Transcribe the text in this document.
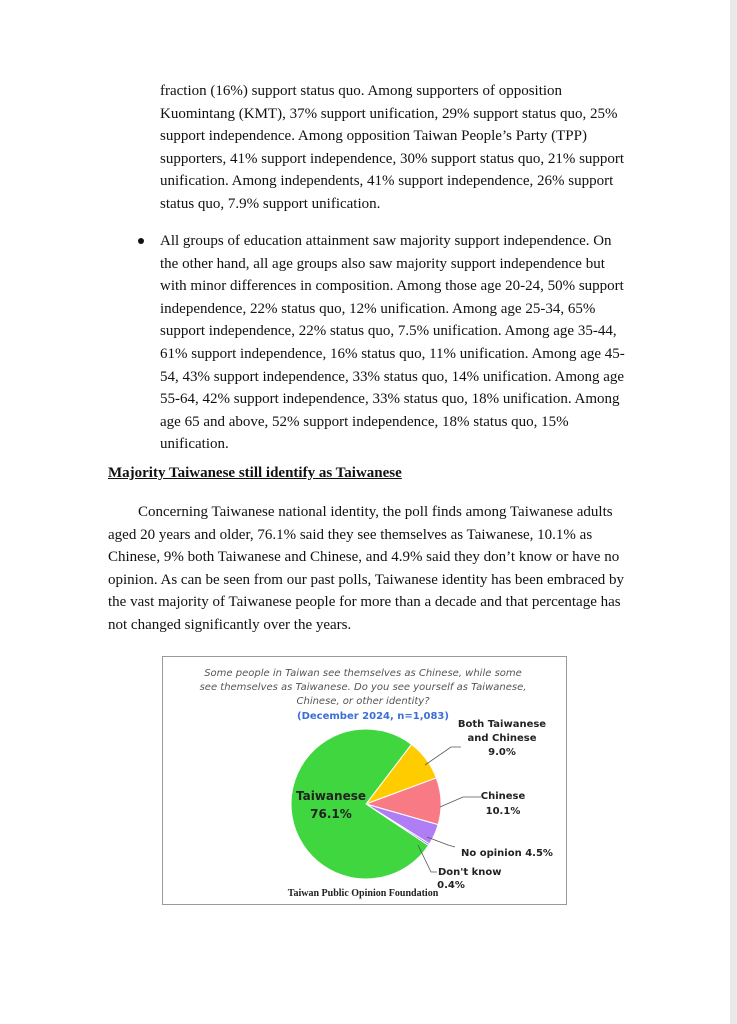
fraction (16%) support status quo. Among supporters of opposition Kuomintang (KMT), 37% support unification, 29% support status quo, 25% support independence. Among opposition Taiwan People’s Party (TPP) supporters, 41% support independence, 30% support status quo, 21% support unification. Among independents, 41% support independence, 26% support status quo, 7.9% support unification.

All groups of education attainment saw majority support independence. On the other hand, all age groups also saw majority support independence but with minor differences in composition. Among those age 20-24, 50% support independence, 22% status quo, 12% unification. Among age 25-34, 65% support independence, 22% status quo, 7.5% unification. Among age 35-44, 61% support independence, 16% status quo, 11% unification. Among age 45-54, 43% support independence, 33% status quo, 14% unification. Among age 55-64, 42% support independence, 33% status quo, 18% unification. Among age 65 and above, 52% support independence, 18% status quo, 15% unification.

Majority Taiwanese still identify as Taiwanese

Concerning Taiwanese national identity, the poll finds among Taiwanese adults aged 20 years and older, 76.1% said they see themselves as Taiwanese, 10.1% as Chinese, 9% both Taiwanese and Chinese, and 4.9% said they don’t know or have no opinion. As can be seen from our past polls, Taiwanese identity has been embraced by the vast majority of Taiwanese people for more than a decade and that percentage has not changed significantly over the years.

Some people in Taiwan see themselves as Chinese, while some
see themselves as Taiwanese. Do you see yourself as Taiwanese,
Chinese, or other identity?
(December 2024, n=1,083)
Taiwanese
76.1%
Both Taiwanese
and Chinese
9.0%
Chinese
10.1%
No opinion 4.5%
Don't know
0.4%
Taiwan Public Opinion Foundation
